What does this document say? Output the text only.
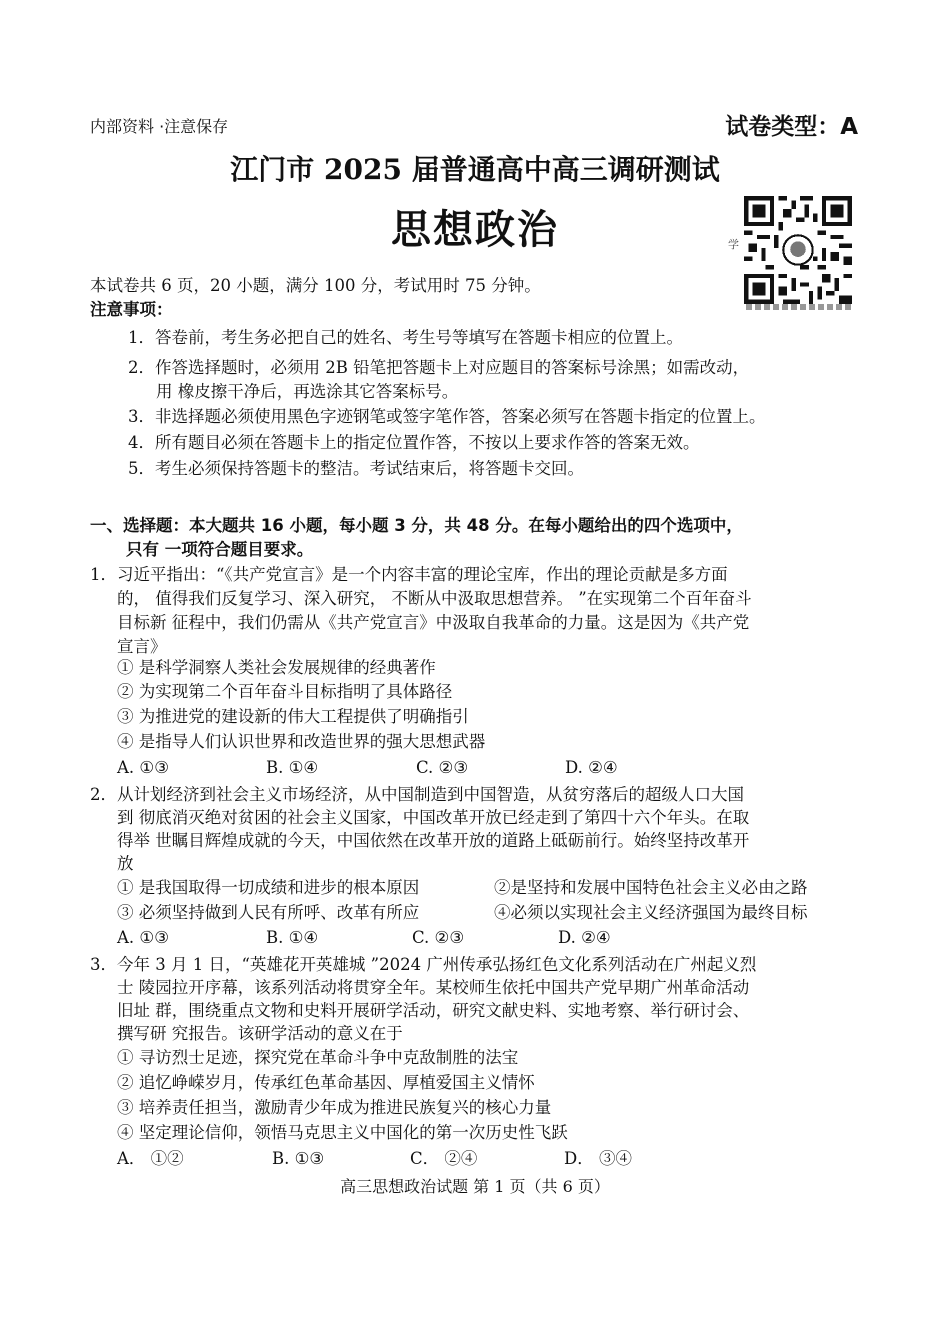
内部资料 ·注意保存	试卷类型：A
江门市 2025 届普通高中高三调研测试
思想政治	学
本试卷共 6 页，20 小题，满分 100 分，考试用时 75 分钟。
注意事项：
1．答卷前，考生务必把自己的姓名、考生号等填写在答题卡相应的位置上。
2．作答选择题时，必须用 2B 铅笔把答题卡上对应题目的答案标号涂黑；如需改动，
用 橡皮擦干净后，再选涂其它答案标号。
3．非选择题必须使用黑色字迹钢笔或签字笔作答，答案必须写在答题卡指定的位置上。
4．所有题目必须在答题卡上的指定位置作答，不按以上要求作答的答案无效。
5．考生必须保持答题卡的整洁。考试结束后，将答题卡交回。
一、选择题：本大题共 16 小题，每小题 3 分，共 48 分。在每小题给出的四个选项中，
只有 一项符合题目要求。
1．习近平指出：“《共产党宣言》是一个内容丰富的理论宝库，作出的理论贡献是多方面
的， 值得我们反复学习、深入研究， 不断从中汲取思想营养。 ”在实现第二个百年奋斗
目标新 征程中，我们仍需从《共产党宣言》中汲取自我革命的力量。这是因为《共产党
宣言》
① 是科学洞察人类社会发展规律的经典著作
② 为实现第二个百年奋斗目标指明了具体路径
③ 为推进党的建设新的伟大工程提供了明确指引
④ 是指导人们认识世界和改造世界的强大思想武器
A. ①③	B. ①④	C. ②③	D. ②④
2．从计划经济到社会主义市场经济，从中国制造到中国智造，从贫穷落后的超级人口大国
到 彻底消灭绝对贫困的社会主义国家，中国改革开放已经走到了第四十六个年头。在取
得举 世瞩目辉煌成就的今天，中国依然在改革开放的道路上砥砺前行。始终坚持改革开
放
① 是我国取得一切成绩和进步的根本原因	②是坚持和发展中国特色社会主义必由之路
③ 必须坚持做到人民有所呼、改革有所应	④必须以实现社会主义经济强国为最终目标
A. ①③	B. ①④	C. ②③	D. ②④
3．今年 3 月 1 日，“英雄花开英雄城 ”2024 广州传承弘扬红色文化系列活动在广州起义烈
士 陵园拉开序幕，该系列活动将贯穿全年。某校师生依托中国共产党早期广州革命活动
旧址 群，围绕重点文物和史料开展研学活动，研究文献史料、实地考察、举行研讨会、
撰写研 究报告。该研学活动的意义在于
① 寻访烈士足迹，探究党在革命斗争中克敌制胜的法宝
② 追忆峥嵘岁月，传承红色革命基因、厚植爱国主义情怀
③ 培养责任担当，激励青少年成为推进民族复兴的核心力量
④ 坚定理论信仰，领悟马克思主义中国化的第一次历史性飞跃
A． ①②	B. ①③	C． ②④	D． ③④
高三思想政治试题 第 1 页（共 6 页）
